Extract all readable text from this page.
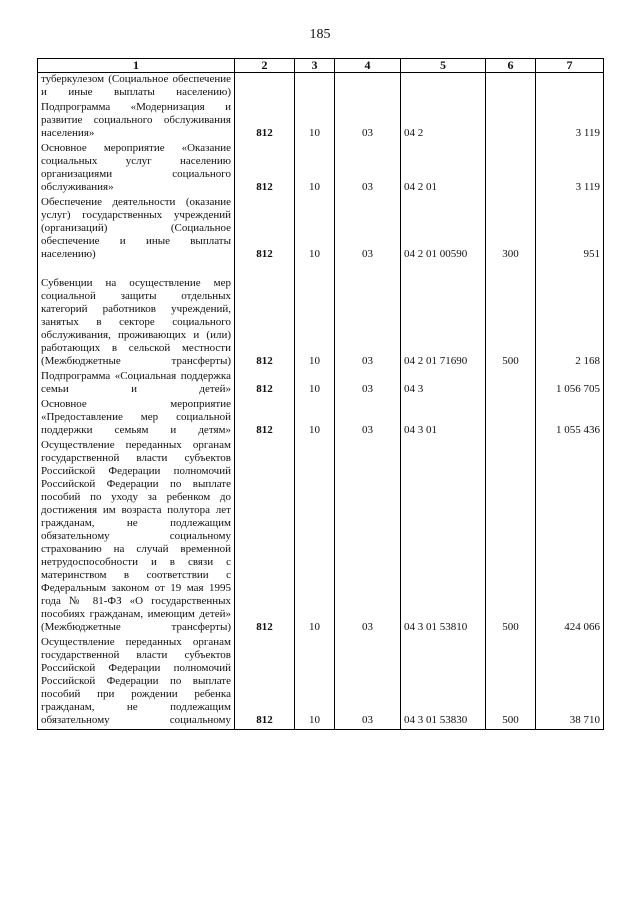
185
1	2	3	4	5	6	7
туберкулезом (Социальное обеспечение и иные выплаты населению)						
Подпрограмма «Модернизация и развитие социального обслуживания населения»	812	10	03	04 2		3 119
Основное мероприятие «Оказание социальных услуг населению организациями социального обслуживания»	812	10	03	04 2 01		3 119
Обеспечение деятельности (оказание услуг) государственных учреждений (организаций) (Социальное обеспечение и иные выплаты населению)	812	10	03	04 2 01 00590	300	951

Субвенции на осуществление мер социальной защиты отдельных категорий работников учреждений, занятых в секторе социального обслуживания, проживающих и (или) работающих в сельской местности (Межбюджетные трансферты)	812	10	03	04 2 01 71690	500	2 168
Подпрограмма «Социальная поддержка семьи и детей»	812	10	03	04 3		1 056 705
Основное мероприятие «Предоставление мер социальной поддержки семьям и детям»	812	10	03	04 3 01		1 055 436
Осуществление переданных органам государственной власти субъектов Российской Федерации полномочий Российской Федерации по выплате пособий по уходу за ребенком до достижения им возраста полутора лет гражданам, не подлежащим обязательному социальному страхованию на случай временной нетрудоспособности и в связи с материнством в соответствии с Федеральным законом от 19 мая 1995 года № 81-ФЗ «О государственных пособиях гражданам, имеющим детей» (Межбюджетные трансферты)	812	10	03	04 3 01 53810	500	424 066
Осуществление переданных органам государственной власти субъектов Российской Федерации полномочий Российской Федерации по выплате пособий при рождении ребенка гражданам, не подлежащим обязательному социальному	812	10	03	04 3 01 53830	500	38 710
